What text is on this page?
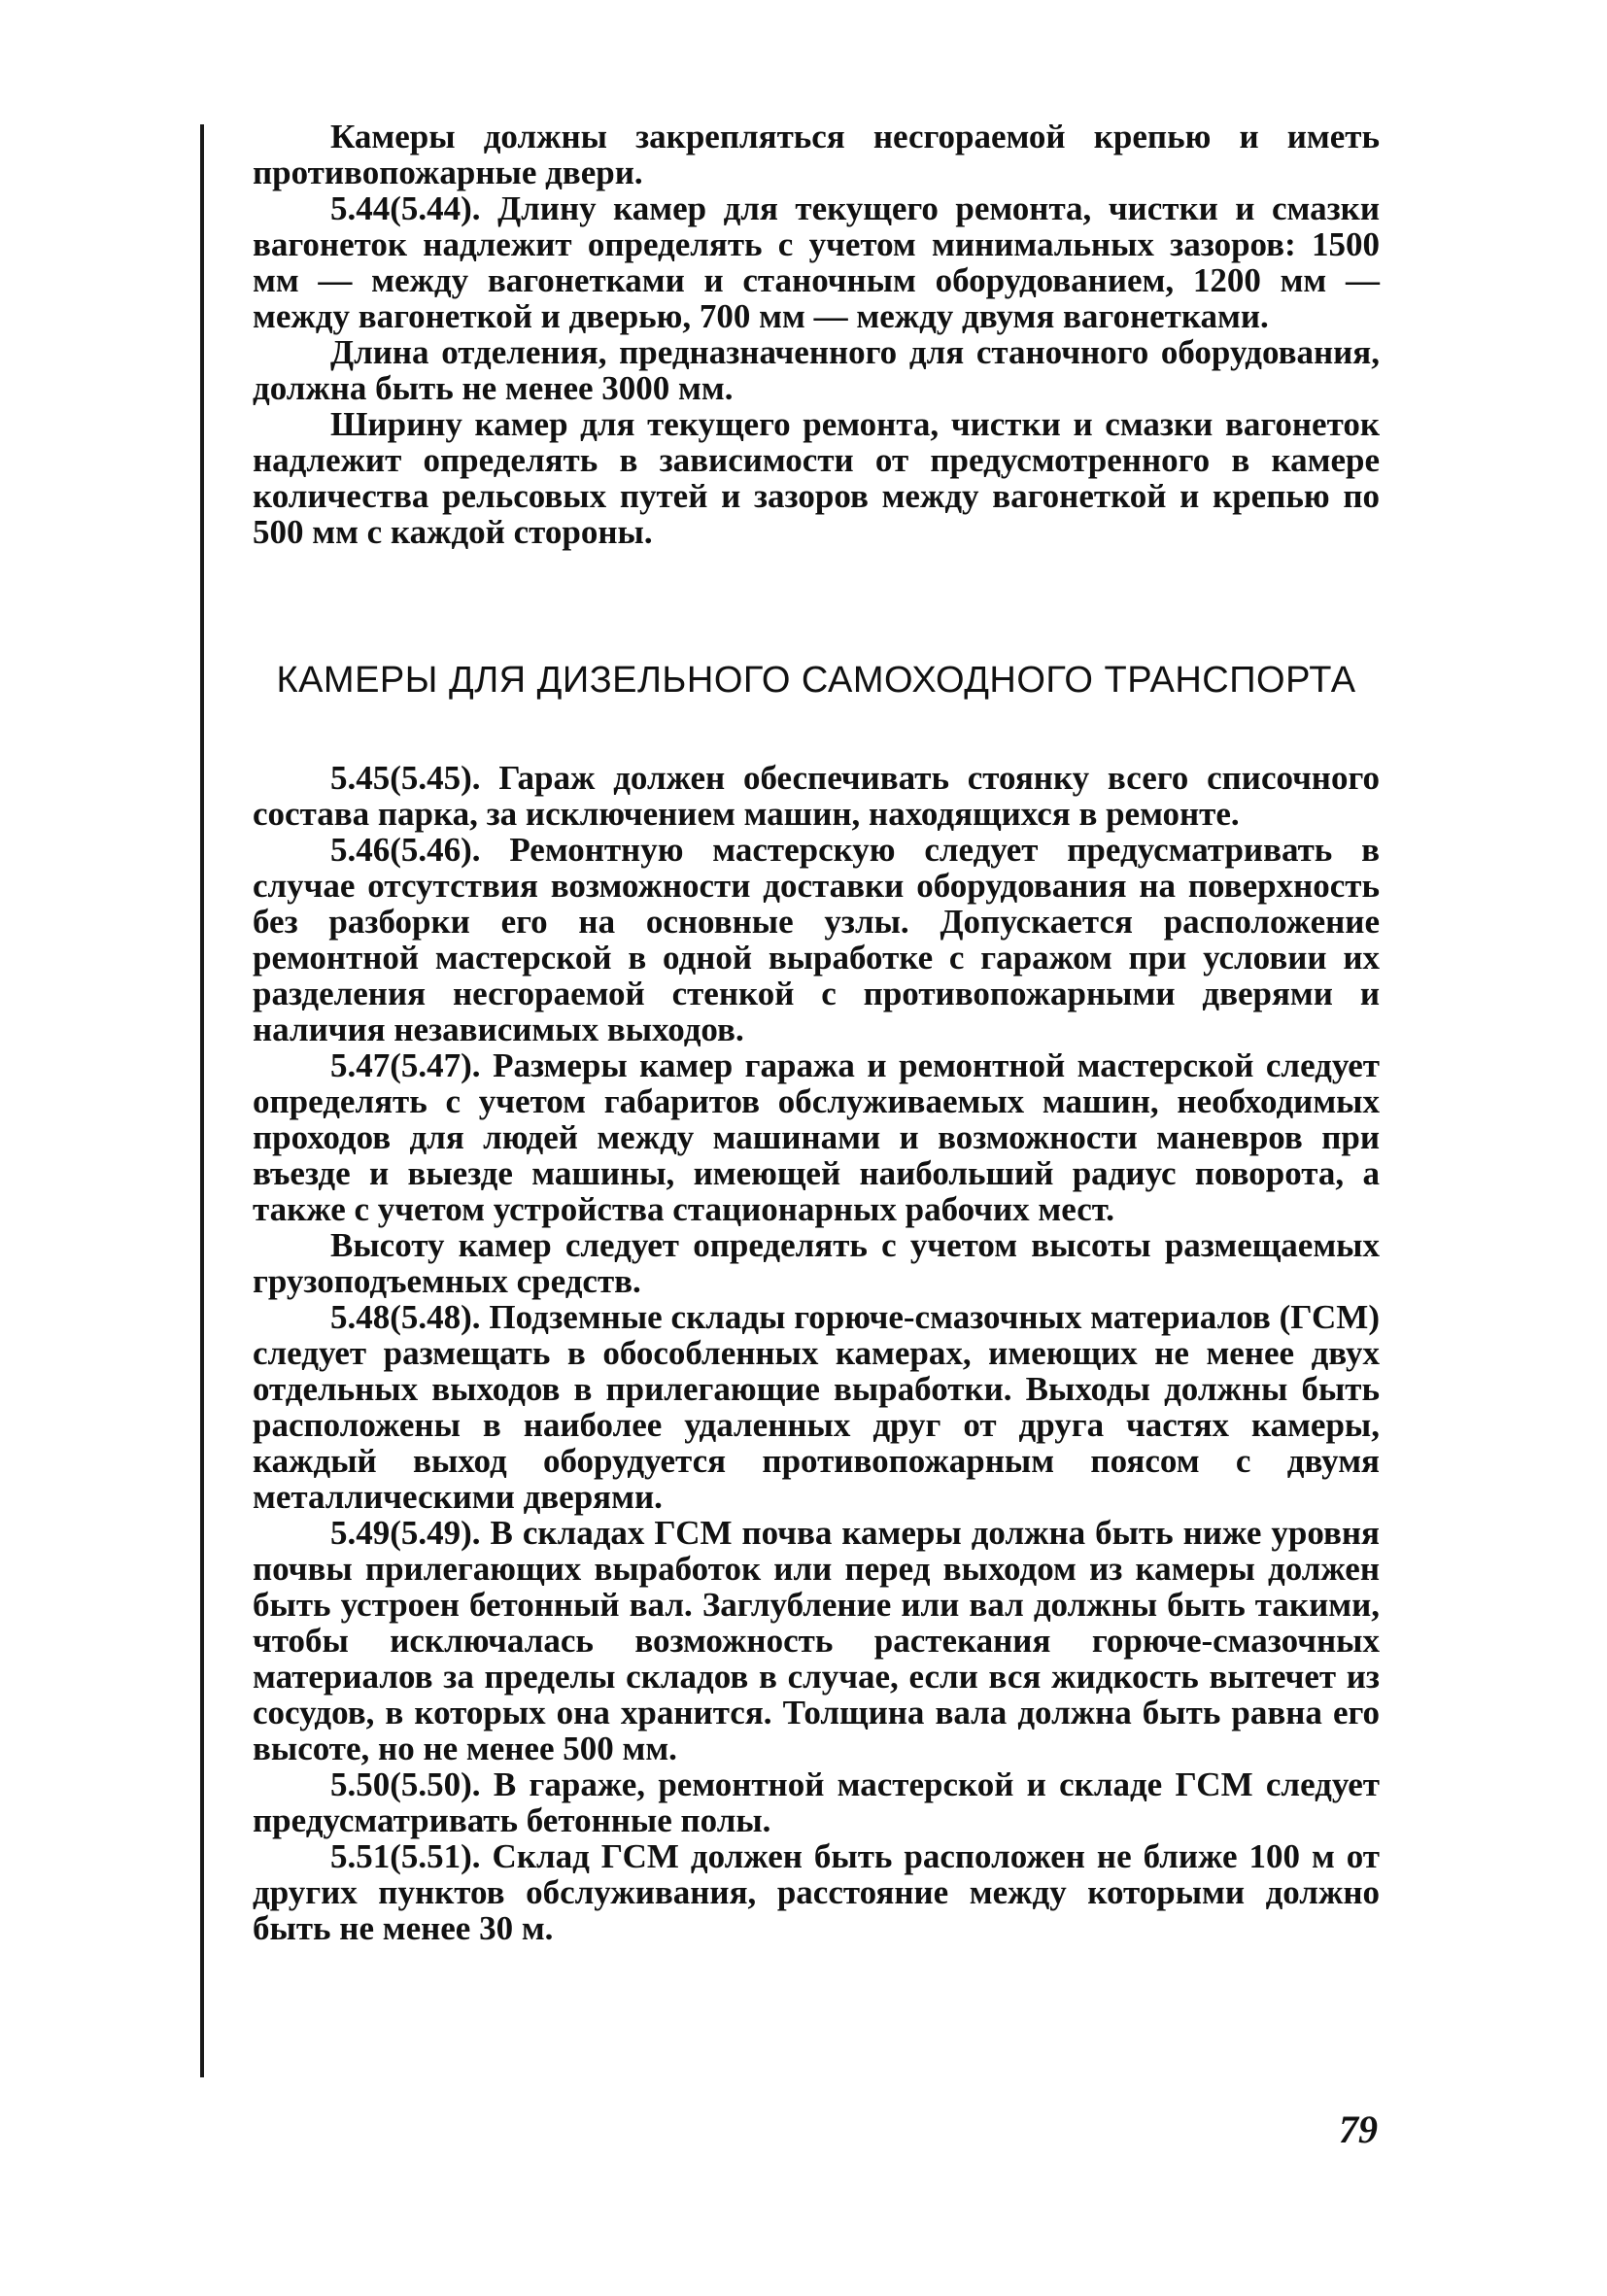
Камеры должны закрепляться несгораемой крепью и иметь противопожарные двери.

5.44(5.44). Длину камер для текущего ремонта, чистки и смазки вагонеток надлежит определять с учетом минимальных зазоров: 1500 мм — между вагонетками и станочным оборудованием, 1200 мм — между вагонеткой и дверью, 700 мм — между двумя вагонетками.

Длина отделения, предназначенного для станочного оборудования, должна быть не менее 3000 мм.

Ширину камер для текущего ремонта, чистки и смазки вагонеток надлежит определять в зависимости от предусмотренного в камере количества рельсовых путей и зазоров между вагонеткой и крепью по 500 мм с каждой стороны.

КАМЕРЫ ДЛЯ ДИЗЕЛЬНОГО САМОХОДНОГО ТРАНСПОРТА

5.45(5.45). Гараж должен обеспечивать стоянку всего списочного состава парка, за исключением машин, находящихся в ремонте.

5.46(5.46). Ремонтную мастерскую следует предусматривать в случае отсутствия возможности доставки оборудования на поверхность без разборки его на основные узлы. Допускается расположение ремонтной мастерской в одной выработке с гаражом при условии их разделения несгораемой стенкой с противопожарными дверями и наличия независимых выходов.

5.47(5.47). Размеры камер гаража и ремонтной мастерской следует определять с учетом габаритов обслуживаемых машин, необходимых проходов для людей между машинами и возможности маневров при въезде и выезде машины, имеющей наибольший радиус поворота, а также с учетом устройства стационарных рабочих мест.

Высоту камер следует определять с учетом высоты размещаемых грузоподъемных средств.

5.48(5.48). Подземные склады горюче-смазочных материалов (ГСМ) следует размещать в обособленных камерах, имеющих не менее двух отдельных выходов в прилегающие выработки. Выходы должны быть расположены в наиболее удаленных друг от друга частях камеры, каждый выход оборудуется противопожарным поясом с двумя металлическими дверями.

5.49(5.49). В складах ГСМ почва камеры должна быть ниже уровня почвы прилегающих выработок или перед выходом из камеры должен быть устроен бетонный вал. Заглубление или вал должны быть такими, чтобы исключалась возможность растекания горюче-смазочных материалов за пределы складов в случае, если вся жидкость вытечет из сосудов, в которых она хранится. Толщина вала должна быть равна его высоте, но не менее 500 мм.

5.50(5.50). В гараже, ремонтной мастерской и складе ГСМ следует предусматривать бетонные полы.

5.51(5.51). Склад ГСМ должен быть расположен не ближе 100 м от других пунктов обслуживания, расстояние между которыми должно быть не менее 30 м.

79
